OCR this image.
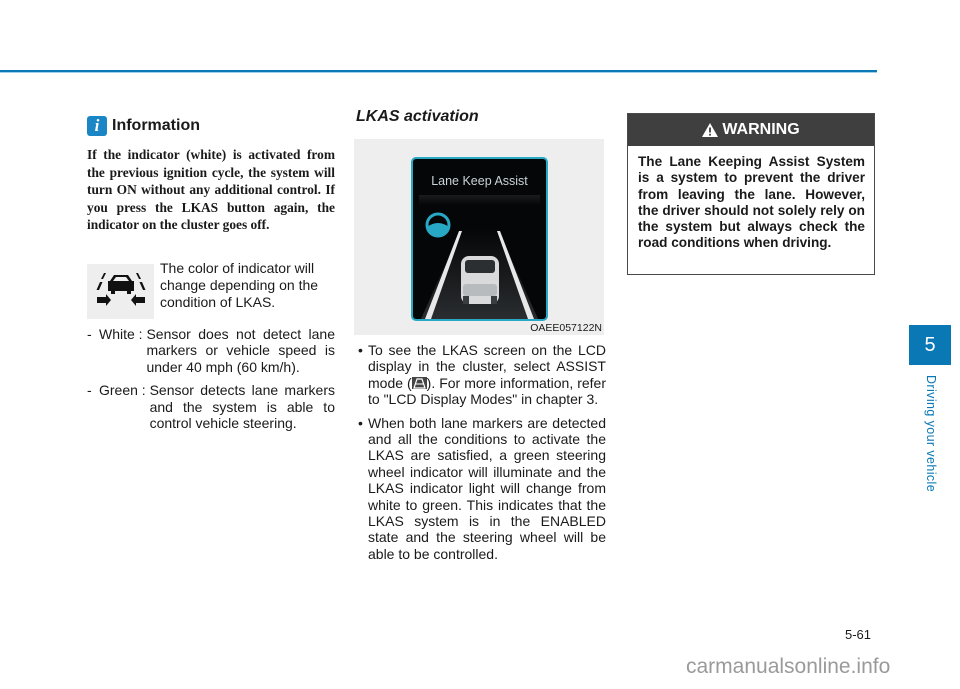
i Information
If the indicator (white) is activated from the previous ignition cycle, the system will turn ON without any additional control. If you press the LKAS button again, the indicator on the cluster goes off.
The color of indicator will change depending on the condition of LKAS.
- White : Sensor does not detect lane markers or vehicle speed is under 40 mph (60 km/h).
- Green : Sensor detects lane markers and the system is able to control vehicle steering.
LKAS activation
Lane Keep Assist
OAEE057122N
• To see the LKAS screen on the LCD display in the cluster, select ASSIST mode ( ). For more information, refer to "LCD Display Modes" in chapter 3.
• When both lane markers are detected and all the conditions to activate the LKAS are satisfied, a green steering wheel indicator will illuminate and the LKAS indicator light will change from white to green. This indicates that the LKAS system is in the ENABLED state and the steering wheel will be able to be controlled.
WARNING
The Lane Keeping Assist System is a system to prevent the driver from leaving the lane. However, the driver should not solely rely on the system but always check the road conditions when driving.
5
Driving your vehicle
5-61
carmanualsonline.info
